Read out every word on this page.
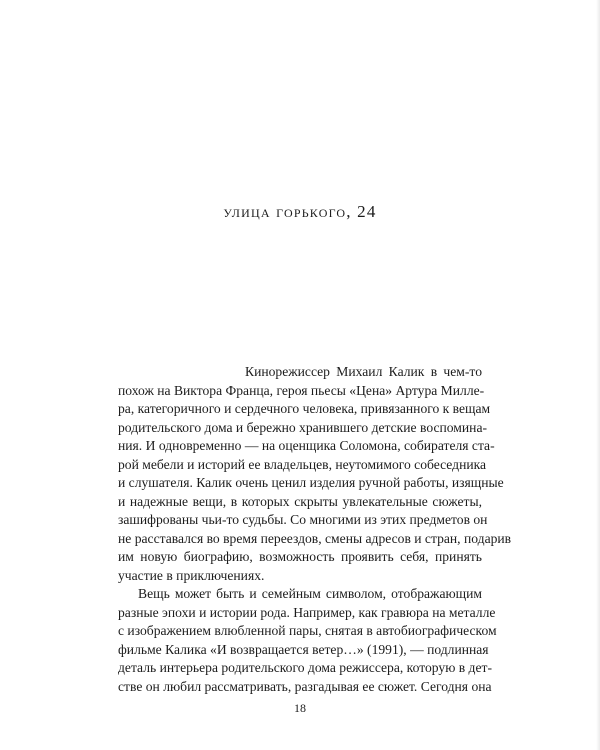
улица горького, 24

Кинорежиссер Михаил Калик в чем-то
похож на Виктора Франца, героя пьесы «Цена» Артура Милле-
ра, категоричного и сердечного человека, привязанного к вещам
родительского дома и бережно хранившего детские воспомина-
ния. И одновременно — на оценщика Соломона, собирателя ста-
рой мебели и историй ее владельцев, неутомимого собеседника
и слушателя. Калик очень ценил изделия ручной работы, изящные
и надежные вещи, в которых скрыты увлекательные сюжеты,
зашифрованы чьи-то судьбы. Со многими из этих предметов он
не расставался во время переездов, смены адресов и стран, подарив
им новую биографию, возможность проявить себя, принять
участие в приключениях.

Вещь может быть и семейным символом, отображающим
разные эпохи и истории рода. Например, как гравюра на металле
с изображением влюбленной пары, снятая в автобиографическом
фильме Калика «И возвращается ветер…» (1991), — подлинная
деталь интерьера родительского дома режиссера, которую в дет-
стве он любил рассматривать, разгадывая ее сюжет. Сегодня она

18
